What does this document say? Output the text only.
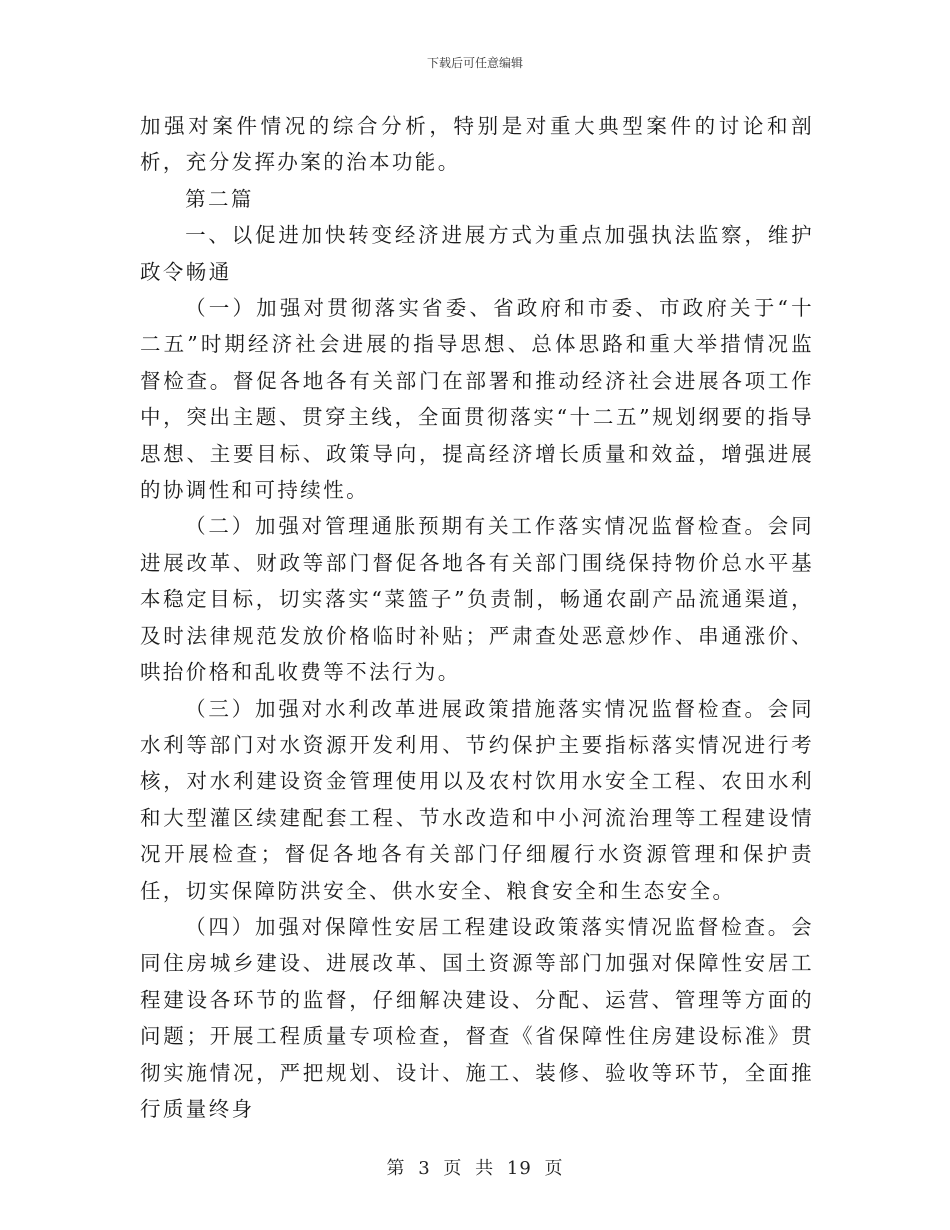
下载后可任意编辑

加强对案件情况的综合分析，特别是对重大典型案件的讨论和剖析，充分发挥办案的治本功能。

第二篇

一、以促进加快转变经济进展方式为重点加强执法监察，维护政令畅通

（一）加强对贯彻落实省委、省政府和市委、市政府关于“十二五”时期经济社会进展的指导思想、总体思路和重大举措情况监督检查。督促各地各有关部门在部署和推动经济社会进展各项工作中，突出主题、贯穿主线，全面贯彻落实“十二五”规划纲要的指导思想、主要目标、政策导向，提高经济增长质量和效益，增强进展的协调性和可持续性。

（二）加强对管理通胀预期有关工作落实情况监督检查。会同进展改革、财政等部门督促各地各有关部门围绕保持物价总水平基本稳定目标，切实落实“菜篮子”负责制，畅通农副产品流通渠道，及时法律规范发放价格临时补贴；严肃查处恶意炒作、串通涨价、哄抬价格和乱收费等不法行为。

（三）加强对水利改革进展政策措施落实情况监督检查。会同水利等部门对水资源开发利用、节约保护主要指标落实情况进行考核，对水利建设资金管理使用以及农村饮用水安全工程、农田水利和大型灌区续建配套工程、节水改造和中小河流治理等工程建设情况开展检查；督促各地各有关部门仔细履行水资源管理和保护责任，切实保障防洪安全、供水安全、粮食安全和生态安全。

（四）加强对保障性安居工程建设政策落实情况监督检查。会同住房城乡建设、进展改革、国土资源等部门加强对保障性安居工程建设各环节的监督，仔细解决建设、分配、运营、管理等方面的问题；开展工程质量专项检查，督查《省保障性住房建设标准》贯彻实施情况，严把规划、设计、施工、装修、验收等环节，全面推行质量终身

第 3 页 共 19 页
